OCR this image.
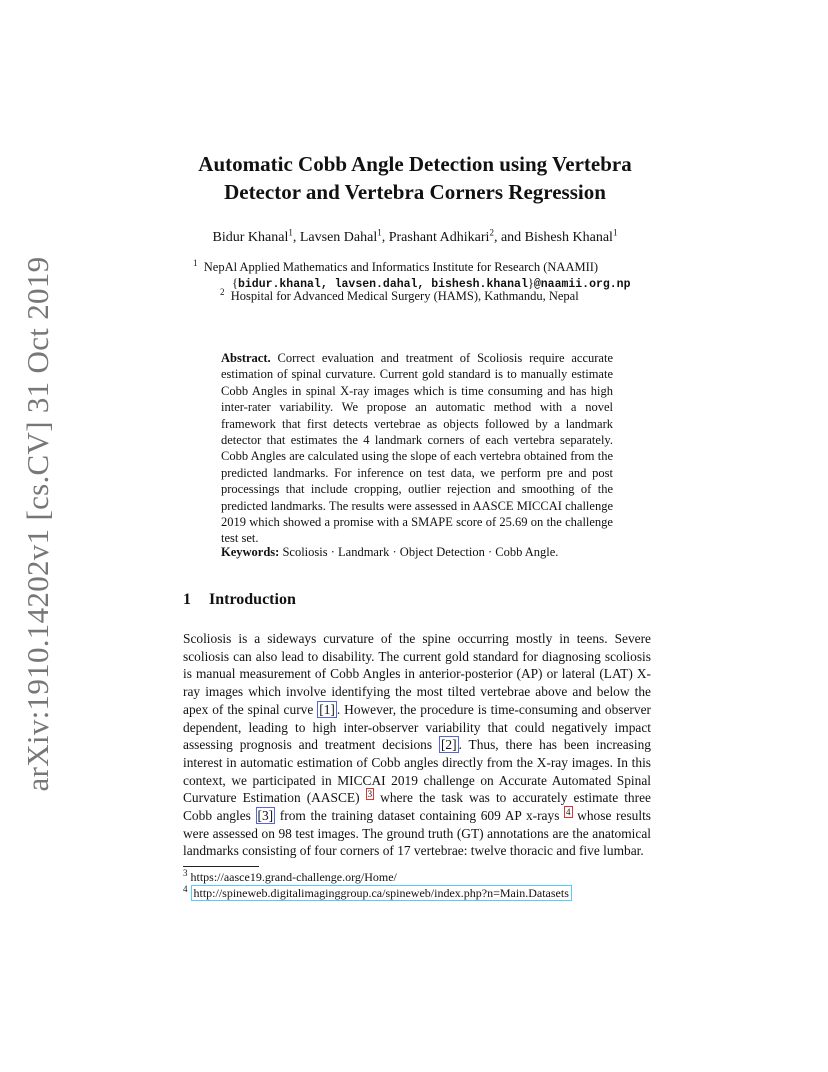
arXiv:1910.14202v1 [cs.CV] 31 Oct 2019
Automatic Cobb Angle Detection using Vertebra
Detector and Vertebra Corners Regression
Bidur Khanal$^1$, Lavsen Dahal$^1$, Prashant Adhikari$^2$, and Bishesh Khanal$^1$
$^1$ NepAl Applied Mathematics and Informatics Institute for Research (NAAMII)
{bidur.khanal, lavsen.dahal, bishesh.khanal}@naamii.org.np
$^2$ Hospital for Advanced Medical Surgery (HAMS), Kathmandu, Nepal
Abstract. Correct evaluation and treatment of Scoliosis require accurate estimation of spinal curvature. Current gold standard is to manually estimate Cobb Angles in spinal X-ray images which is time consuming and has high inter-rater variability. We propose an automatic method with a novel framework that first detects vertebrae as objects followed by a landmark detector that estimates the 4 landmark corners of each vertebra separately. Cobb Angles are calculated using the slope of each vertebra obtained from the predicted landmarks. For inference on test data, we perform pre and post processings that include cropping, outlier rejection and smoothing of the predicted landmarks. The results were assessed in AASCE MICCAI challenge 2019 which showed a promise with a SMAPE score of 25.69 on the challenge test set.
Keywords: Scoliosis · Landmark · Object Detection · Cobb Angle.
1 Introduction
Scoliosis is a sideways curvature of the spine occurring mostly in teens. Severe scoliosis can also lead to disability. The current gold standard for diagnosing scoliosis is manual measurement of Cobb Angles in anterior-posterior (AP) or lateral (LAT) X-ray images which involve identifying the most tilted vertebrae above and below the apex of the spinal curve [1] . However, the procedure is time-consuming and observer dependent, leading to high inter-observer variability that could negatively impact assessing prognosis and treatment decisions [2] . Thus, there has been increasing interest in automatic estimation of Cobb angles directly from the X-ray images. In this context, we participated in MICCAI 2019 challenge on Accurate Automated Spinal Curvature Estimation (AASCE) $^3$ where the task was to accurately estimate three Cobb angles [3] from the training dataset containing 609 AP x-rays $^4$ whose results were assessed on 98 test images. The ground truth (GT) annotations are the anatomical landmarks consisting of four corners of 17 vertebrae: twelve thoracic and five lumbar.
$^3$ https://aasce19.grand-challenge.org/Home/
$^4$ http://spineweb.digitalimaginggroup.ca/spineweb/index.php?n=Main.Datasets
